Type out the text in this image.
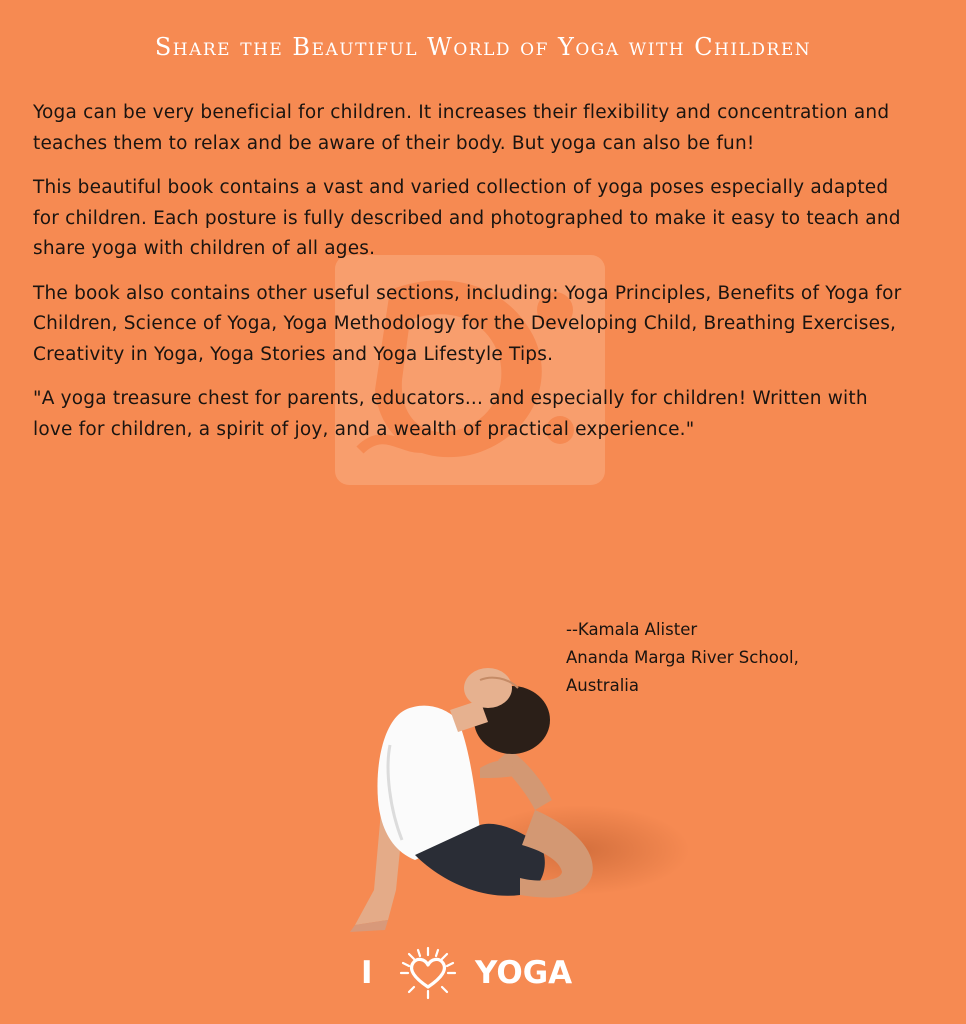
Share the Beautiful World of Yoga with Children

Yoga can be very beneficial for children. It increases their flexibility and concentration and teaches them to relax and be aware of their body. But yoga can also be fun!

This beautiful book contains a vast and varied collection of yoga poses especially adapted for children. Each posture is fully described and photographed to make it easy to teach and share yoga with children of all ages.

The book also contains other useful sections, including: Yoga Principles, Benefits of Yoga for Children, Science of Yoga, Yoga Methodology for the Developing Child, Breathing Exercises, Creativity in Yoga, Yoga Stories and Yoga Lifestyle Tips.

"A yoga treasure chest for parents, educators... and especially for children! Written with love for children, a spirit of joy, and a wealth of practical experience."

--Kamala Alister
Ananda Marga River School,
Australia
I	YOGA
